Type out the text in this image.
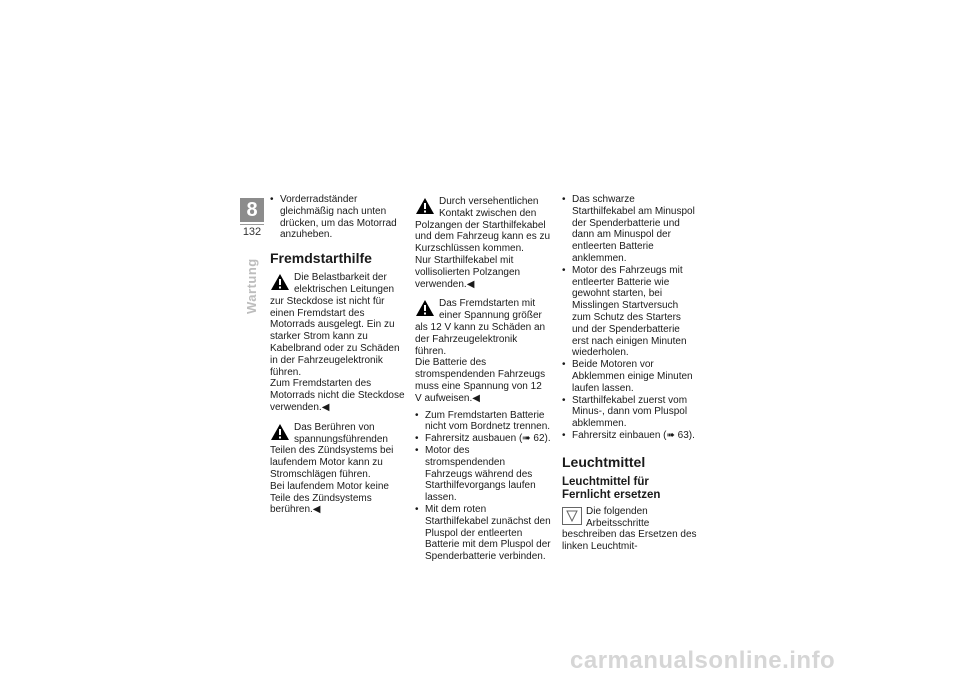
8
132
Wartung
• Vorderradständer gleichmäßig nach unten drücken, um das Motorrad anzuheben.
Fremdstarthilfe

Die Belastbarkeit der elektrischen Leitungen zur Steckdose ist nicht für einen Fremdstart des Motorrads ausgelegt. Ein zu starker Strom kann zu Kabelbrand oder zu Schäden in der Fahrzeugelektronik führen.

Zum Fremdstarten des Motorrads nicht die Steckdose verwenden.◀

Das Berühren von spannungsführenden Teilen des Zündsystems bei laufendem Motor kann zu Stromschlägen führen.

Bei laufendem Motor keine Teile des Zündsystems berühren.◀

Durch versehentlichen Kontakt zwischen den Polzangen der Starthilfekabel und dem Fahrzeug kann es zu Kurzschlüssen kommen.

Nur Starthilfekabel mit vollisolierten Polzangen verwenden.◀

Das Fremdstarten mit einer Spannung größer als 12 V kann zu Schäden an der Fahrzeugelektronik führen.

Die Batterie des stromspendenden Fahrzeugs muss eine Spannung von 12 V aufweisen.◀

• Zum Fremdstarten Batterie nicht vom Bordnetz trennen.
• Fahrersitz ausbauen (➠ 62).
• Motor des stromspendenden Fahrzeugs während des Starthilfevorgangs laufen lassen.
• Mit dem roten Starthilfekabel zunächst den Pluspol der entleerten Batterie mit dem Pluspol der Spenderbatterie verbinden.
• Das schwarze Starthilfekabel am Minuspol der Spenderbatterie und dann am Minuspol der entleerten Batterie anklemmen.
• Motor des Fahrzeugs mit entleerter Batterie wie gewohnt starten, bei Misslingen Startversuch zum Schutz des Starters und der Spenderbatterie erst nach einigen Minuten wiederholen.
• Beide Motoren vor Abklemmen einige Minuten laufen lassen.
• Starthilfekabel zuerst vom Minus-, dann vom Pluspol abklemmen.
• Fahrersitz einbauen (➠ 63).
Leuchtmittel
Leuchtmittel für Fernlicht ersetzen

Die folgenden Arbeitsschritte beschreiben das Ersetzen des linken Leuchtmit-

carmanualsonline.info
